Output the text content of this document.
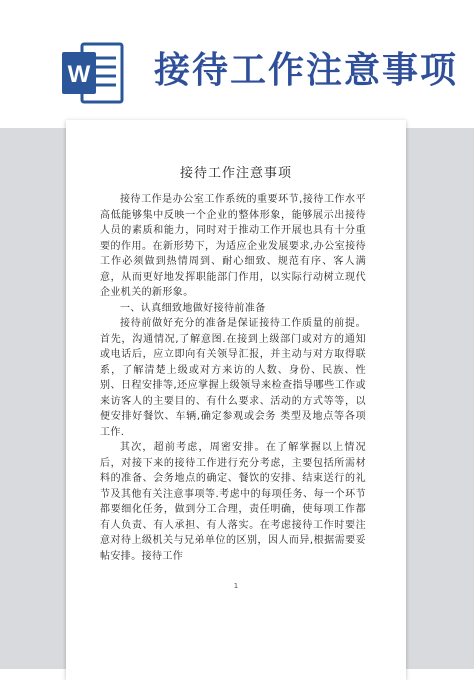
W 接待工作注意事项
接待工作注意事项

接待工作是办公室工作系统的重要环节,接待工作水平高低能够集中反映一个企业的整体形象，能够展示出接待人员的素质和能力，同时对于推动工作开展也具有十分重要的作用。在新形势下，为适应企业发展要求,办公室接待工作必须做到热情周到、耐心细致、规范有序、客人满意，从而更好地发挥职能部门作用，以实际行动树立现代企业机关的新形象。

一、认真细致地做好接待前准备

接待前做好充分的准备是保证接待工作质量的前提。首先，沟通情况,了解意图.在接到上级部门或对方的通知或电话后，应立即向有关领导汇报，并主动与对方取得联系，了解清楚上级或对方来访的人数、身份、民族、性别、日程安排等,还应掌握上级领导来检查指导哪些工作或来访客人的主要目的、有什么要求、活动的方式等等，以便安排好餐饮、车辆,确定参观或会务 类型及地点等各项工作.

其次，超前考虑，周密安排。在了解掌握以上情况后，对接下来的接待工作进行充分考虑，主要包括所需材料的准备、会务地点的确定、餐饮的安排、结束送行的礼节及其他有关注意事项等.考虑中的每项任务、每一个环节都要细化任务，做到分工合理，责任明确，使每项工作都有人负责、有人承担、有人落实。在考虑接待工作时要注意对待上级机关与兄弟单位的区别，因人而异,根据需要妥帖安排。接待工作

1
